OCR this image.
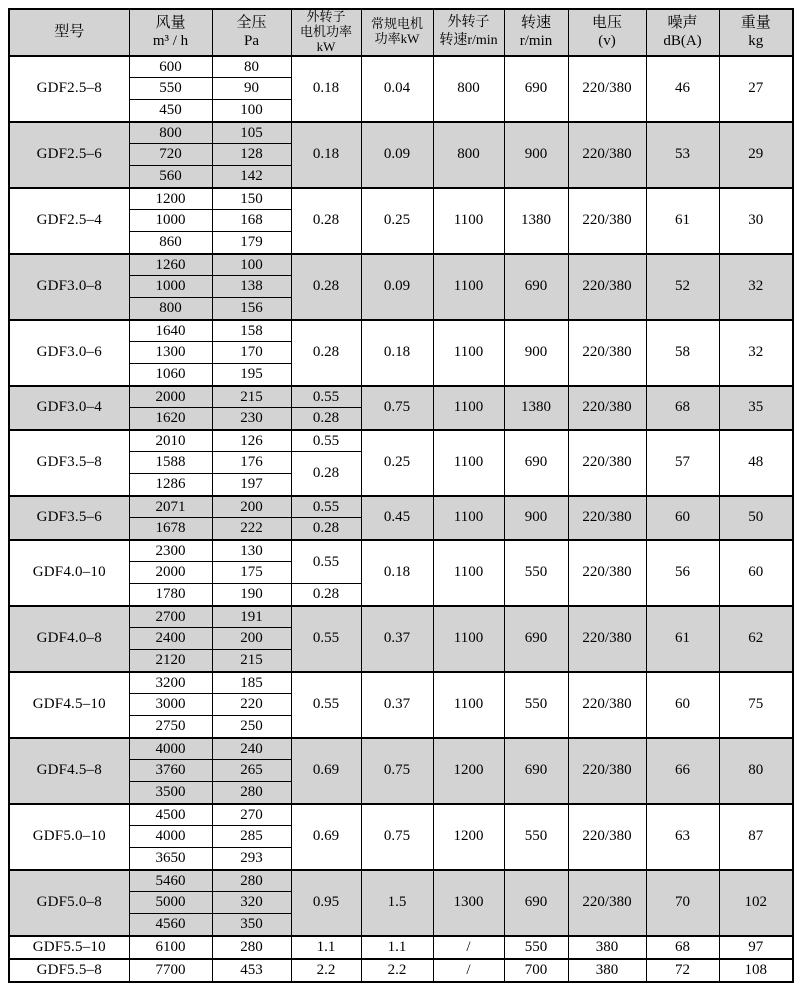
型号

风量
m³ / h

全压
Pa

外转子
电机功率
kW

常规电机
功率kW

外转子
转速r/min

转速
r/min

电压
(v)

噪声
dB(A)

重量
kg

GDF2.5–8	600	80	0.18	0.04	800	690	220/380	46	27
	550	90							
	450	100							
GDF2.5–6	800	105	0.18	0.09	800	900	220/380	53	29
	720	128							
	560	142							
GDF2.5–4	1200	150	0.28	0.25	1100	1380	220/380	61	30
	1000	168							
	860	179							
GDF3.0–8	1260	100	0.28	0.09	1100	690	220/380	52	32
	1000	138							
	800	156							
GDF3.0–6	1640	158	0.28	0.18	1100	900	220/380	58	32
	1300	170							
	1060	195							
GDF3.0–4	2000	215	0.55	0.75	1100	1380	220/380	68	35
	1620	230	0.28						
GDF3.5–8	2010	126	0.55	0.25	1100	690	220/380	57	48
	1588	176	0.28						
	1286	197							
GDF3.5–6	2071	200	0.55	0.45	1100	900	220/380	60	50
	1678	222	0.28						
GDF4.0–10	2300	130	0.55	0.18	1100	550	220/380	56	60
	2000	175							
	1780	190	0.28						
GDF4.0–8	2700	191	0.55	0.37	1100	690	220/380	61	62
	2400	200							
	2120	215							
GDF4.5–10	3200	185	0.55	0.37	1100	550	220/380	60	75
	3000	220							
	2750	250							
GDF4.5–8	4000	240	0.69	0.75	1200	690	220/380	66	80
	3760	265							
	3500	280							
GDF5.0–10	4500	270	0.69	0.75	1200	550	220/380	63	87
	4000	285							
	3650	293							
GDF5.0–8	5460	280	0.95	1.5	1300	690	220/380	70	102
	5000	320							
	4560	350							
GDF5.5–10	6100	280	1.1	1.1	/	550	380	68	97
GDF5.5–8	7700	453	2.2	2.2	/	700	380	72	108
